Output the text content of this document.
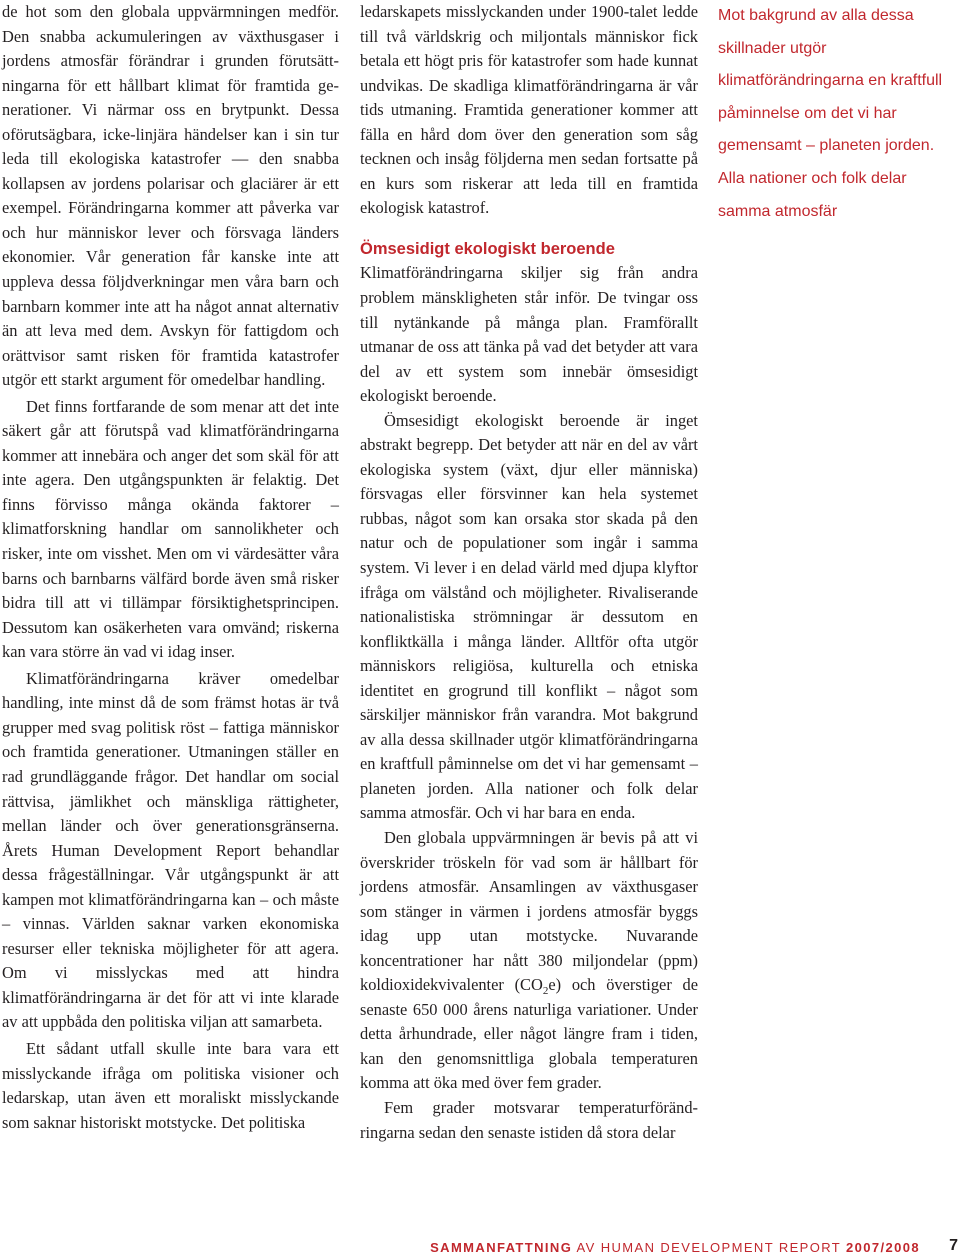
de hot som den globala uppvärmningen medför. Den snabba ackumuleringen av växthusgaser i jordens atmosfär förändrar i grunden förutsättningarna för ett hållbart klimat för framtida generationer. Vi närmar oss en brytpunkt. Dessa oförutsägbara, icke-linjära händelser kan i sin tur leda till ekologiska katastrofer — den snabba kollapsen av jordens polarisar och glaciärer är ett exempel. Förändringarna kommer att påverka var och hur människor lever och försvaga länders ekonomier. Vår generation får kanske inte att uppleva dessa följdverkningar men våra barn och barnbarn kommer inte att ha något annat alternativ än att leva med dem. Avskyn för fattigdom och orättvisor samt risken för framtida katastrofer utgör ett starkt argument för omedelbar handling.

Det finns fortfarande de som menar att det inte säkert går att förutspå vad klimatförändringarna kommer att innebära och anger det som skäl för att inte agera. Den utgångspunkten är felaktig. Det finns förvisso många okända faktorer – klimatforskning handlar om sannolikheter och risker, inte om visshet. Men om vi värdesätter våra barns och barnbarns välfärd borde även små risker bidra till att vi tillämpar försiktighetsprincipen. Dessutom kan osäkerheten vara omvänd; riskerna kan vara större än vad vi idag inser.

Klimatförändringarna kräver omedelbar handling, inte minst då de som främst hotas är två grupper med svag politisk röst – fattiga människor och framtida generationer. Utmaningen ställer en rad grundläggande frågor. Det handlar om social rättvisa, jämlikhet och mänskliga rättigheter, mellan länder och över generationsgränserna. Årets Human Development Report behandlar dessa frågeställningar. Vår utgångspunkt är att kampen mot klimatförändringarna kan – och måste – vinnas. Världen saknar varken ekonomiska resurser eller tekniska möjligheter för att agera. Om vi misslyckas med att hindra klimatförändringarna är det för att vi inte klarade av att uppbåda den politiska viljan att samarbeta.

Ett sådant utfall skulle inte bara vara ett misslyckande ifråga om politiska visioner och ledarskap, utan även ett moraliskt misslyckande som saknar historiskt motstycke. Det politiska

ledarskapets misslyckanden under 1900-talet ledde till två världskrig och miljontals människor fick betala ett högt pris för katastrofer som hade kunnat undvikas. De skadliga klimatförändringarna är vår tids utmaning. Framtida generationer kommer att fälla en hård dom över den generation som såg tecknen och insåg följderna men sedan fortsatte på en kurs som riskerar att leda till en framtida ekologisk katastrof.

Ömsesidigt ekologiskt beroende

Klimatförändringarna skiljer sig från andra problem mänskligheten står inför. De tvingar oss till nytänkande på många plan. Framförallt utmanar de oss att tänka på vad det betyder att vara del av ett system som innebär ömsesidigt ekologiskt beroende.

Ömsesidigt ekologiskt beroende är inget abstrakt begrepp. Det betyder att när en del av vårt ekologiska system (växt, djur eller människa) försvagas eller försvinner kan hela systemet rubbas, något som kan orsaka stor skada på den natur och de populationer som ingår i samma system. Vi lever i en delad värld med djupa klyftor ifråga om välstånd och möjligheter. Rivaliserande nationalistiska strömningar är dessutom en konfliktkälla i många länder. Alltför ofta utgör människors religiösa, kulturella och etniska identitet en grogrund till konflikt – något som särskiljer människor från varandra. Mot bakgrund av alla dessa skillnader utgör klimatförändringarna en kraftfull påminnelse om det vi har gemensamt – planeten jorden. Alla nationer och folk delar samma atmosfär. Och vi har bara en enda.

Den globala uppvärmningen är bevis på att vi överskrider tröskeln för vad som är hållbart för jordens atmosfär. Ansamlingen av växthusgaser som stänger in värmen i jordens atmosfär byggs idag upp utan motstycke. Nuvarande koncentrationer har nått 380 miljondelar (ppm) koldioxidekvivalenter $(CO_2e)$ och överstiger de senaste 650 000 årens naturliga variationer. Under detta århundrade, eller något längre fram i tiden, kan den genomsnittliga globala temperaturen komma att öka med över fem grader.

Fem grader motsvarar temperaturförändringarna sedan den senaste istiden då stora delar

Mot bakgrund av alla dessa skillnader utgör klimatförändringarna en kraftfull påminnelse om det vi har gemensamt – planeten jorden. Alla nationer och folk delar samma atmosfär

SAMMANFATTNING AV HUMAN DEVELOPMENT REPORT 2007/2008 7
